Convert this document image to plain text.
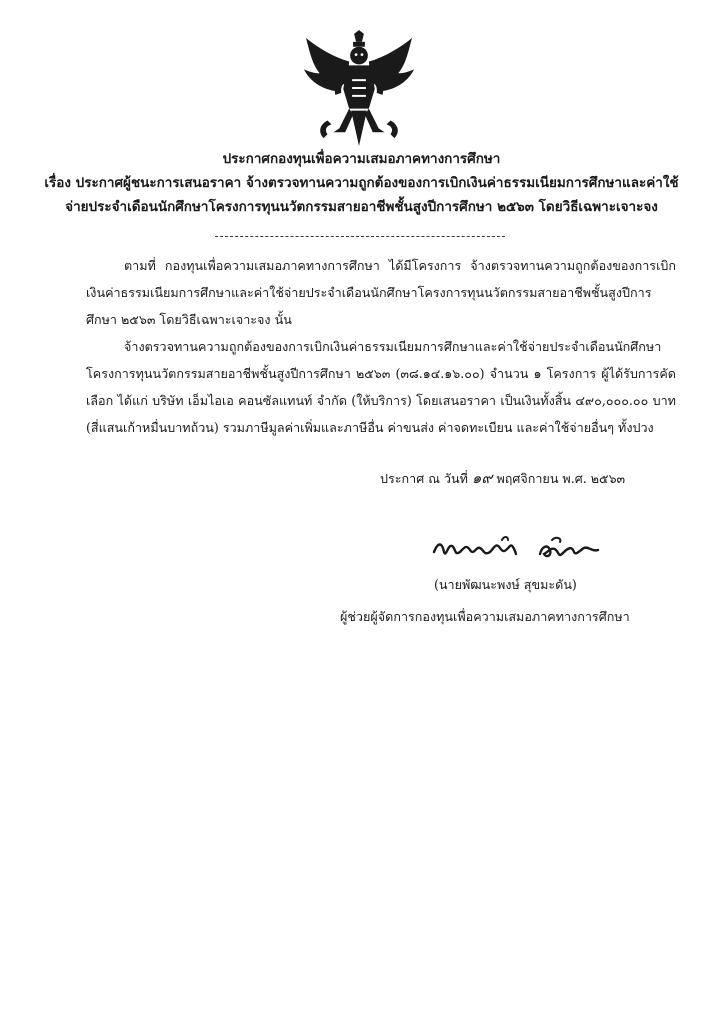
ประกาศกองทุนเพื่อความเสมอภาคทางการศึกษา

เรื่อง ประกาศผู้ชนะการเสนอราคา จ้างตรวจทานความถูกต้องของการเบิกเงินค่าธรรมเนียมการศึกษาและค่าใช้

จ่ายประจำเดือนนักศึกษาโครงการทุนนวัตกรรมสายอาชีพชั้นสูงปีการศึกษา ๒๕๖๓ โดยวิธีเฉพาะเจาะจง

ตามที่ กองทุนเพื่อความเสมอภาคทางการศึกษา ได้มีโครงการ จ้างตรวจทานความถูกต้องของการเบิกเงินค่าธรรมเนียมการศึกษาและค่าใช้จ่ายประจำเดือนนักศึกษาโครงการทุนนวัตกรรมสายอาชีพชั้นสูงปีการศึกษา ๒๕๖๓ โดยวิธีเฉพาะเจาะจง นั้น

จ้างตรวจทานความถูกต้องของการเบิกเงินค่าธรรมเนียมการศึกษาและค่าใช้จ่ายประจำเดือนนักศึกษาโครงการทุนนวัตกรรมสายอาชีพชั้นสูงปีการศึกษา ๒๕๖๓ (๓๘.๑๔.๑๖.๐๐) จำนวน ๑ โครงการ ผู้ได้รับการคัดเลือก ได้แก่ บริษัท เอ็มไอเอ คอนซัลแทนท์ จำกัด (ให้บริการ) โดยเสนอราคา เป็นเงินทั้งสิ้น ๔๙๐,๐๐๐.๐๐ บาท (สี่แสนเก้าหมื่นบาทถ้วน) รวมภาษีมูลค่าเพิ่มและภาษีอื่น ค่าขนส่ง ค่าจดทะเบียน และค่าใช้จ่ายอื่นๆ ทั้งปวง

ประกาศ ณ วันที่ ๑๙ พฤศจิกายน พ.ศ. ๒๕๖๓

(นายพัฒนะพงษ์ สุขมะดัน)

ผู้ช่วยผู้จัดการกองทุนเพื่อความเสมอภาคทางการศึกษา
